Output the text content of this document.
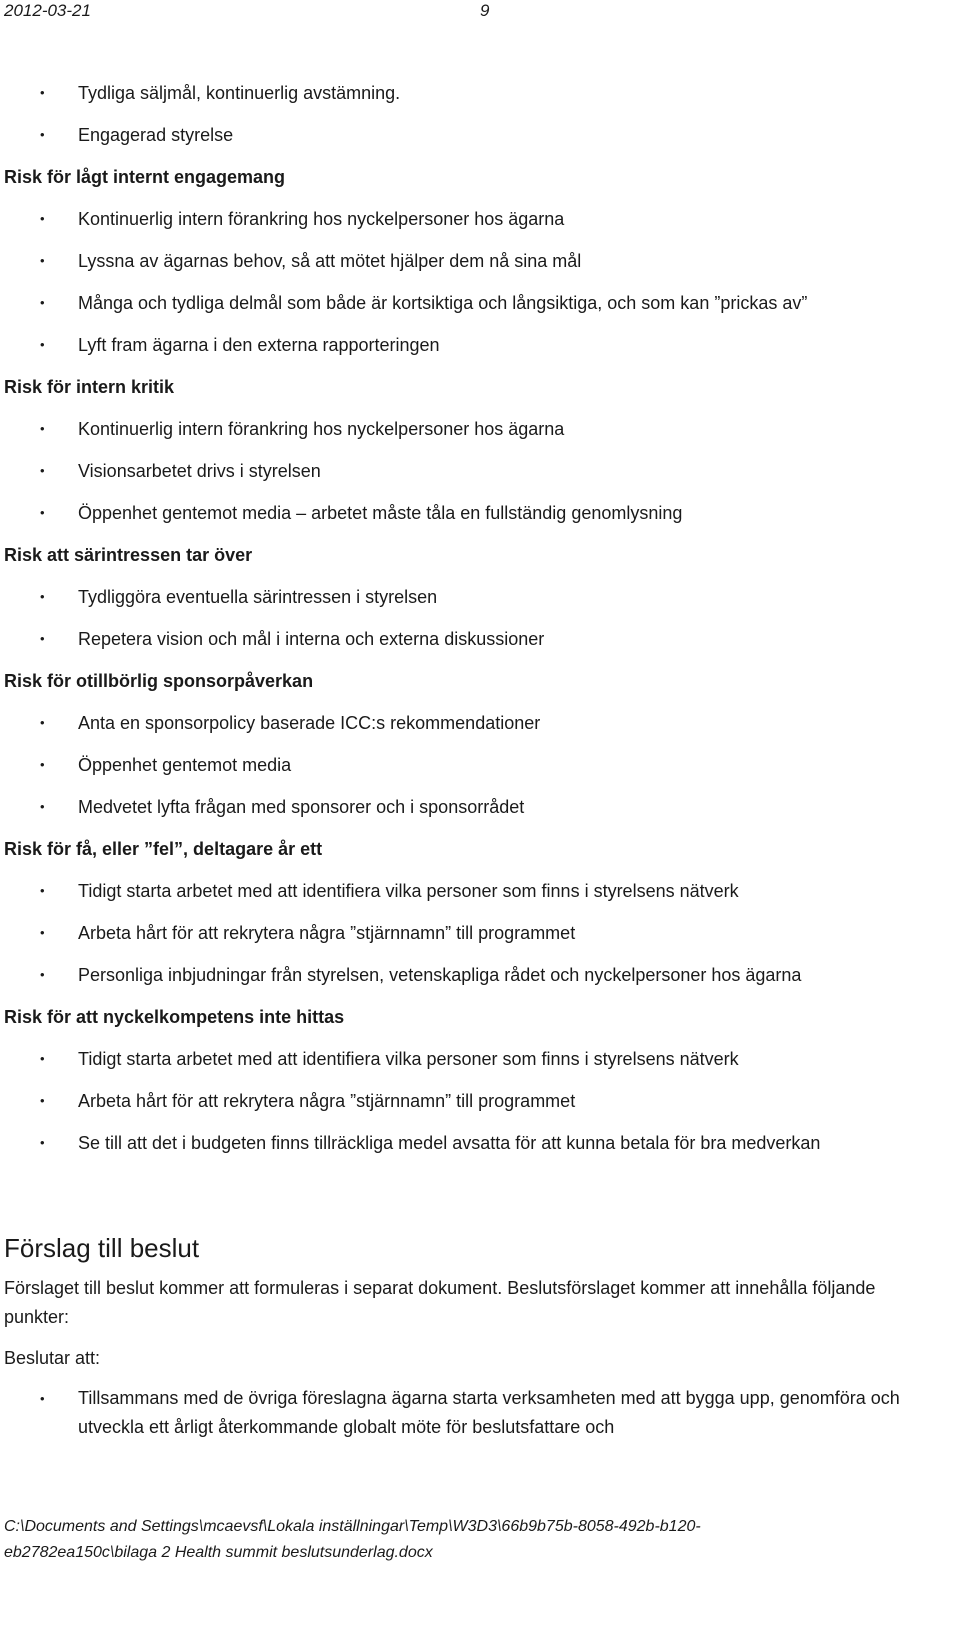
2012-03-21	9
• Tydliga säljmål, kontinuerlig avstämning.
• Engagerad styrelse
Risk för lågt internt engagemang
• Kontinuerlig intern förankring hos nyckelpersoner hos ägarna
• Lyssna av ägarnas behov, så att mötet hjälper dem nå sina mål
• Många och tydliga delmål som både är kortsiktiga och långsiktiga, och som kan ”prickas av”
• Lyft fram ägarna i den externa rapporteringen
Risk för intern kritik
• Kontinuerlig intern förankring hos nyckelpersoner hos ägarna
• Visionsarbetet drivs i styrelsen
• Öppenhet gentemot media – arbetet måste tåla en fullständig genomlysning
Risk att särintressen tar över
• Tydliggöra eventuella särintressen i styrelsen
• Repetera vision och mål i interna och externa diskussioner
Risk för otillbörlig sponsorpåverkan
• Anta en sponsorpolicy baserade ICC:s rekommendationer
• Öppenhet gentemot media
• Medvetet lyfta frågan med sponsorer och i sponsorrådet
Risk för få, eller ”fel”, deltagare år ett
• Tidigt starta arbetet med att identifiera vilka personer som finns i styrelsens nätverk
• Arbeta hårt för att rekrytera några ”stjärnnamn” till programmet
• Personliga inbjudningar från styrelsen, vetenskapliga rådet och nyckelpersoner hos ägarna
Risk för att nyckelkompetens inte hittas
• Tidigt starta arbetet med att identifiera vilka personer som finns i styrelsens nätverk
• Arbeta hårt för att rekrytera några ”stjärnnamn” till programmet
• Se till att det i budgeten finns tillräckliga medel avsatta för att kunna betala för bra medverkan
Förslag till beslut

Förslaget till beslut kommer att formuleras i separat dokument. Beslutsförslaget kommer att innehålla följande punkter:

Beslutar att:

• Tillsammans med de övriga föreslagna ägarna starta verksamheten med att bygga upp, genomföra och utveckla ett årligt återkommande globalt möte för beslutsfattare och
C:\Documents and Settings\mcaevsf\Lokala inställningar\Temp\W3D3\66b9b75b-8058-492b-b120-
eb2782ea150c\bilaga 2 Health summit beslutsunderlag.docx
